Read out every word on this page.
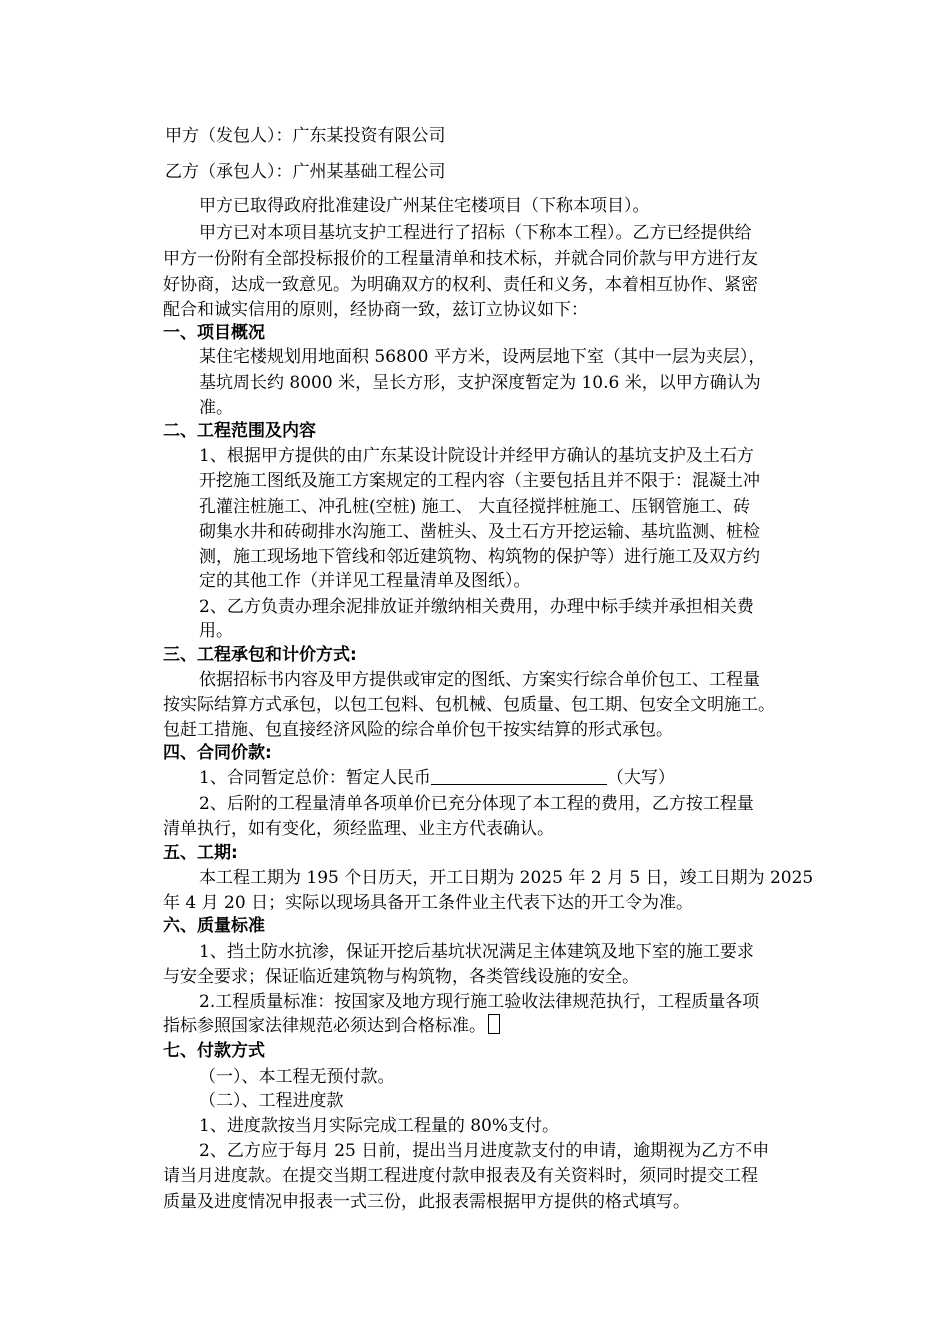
甲方（发包人）：广东某投资有限公司
乙方（承包人）：广州某基础工程公司
甲方已取得政府批准建设广州某住宅楼项目（下称本项目）。
甲方已对本项目基坑支护工程进行了招标（下称本工程）。乙方已经提供给
甲方一份附有全部投标报价的工程量清单和技术标，并就合同价款与甲方进行友
好协商，达成一致意见。为明确双方的权利、责任和义务，本着相互协作、紧密
配合和诚实信用的原则，经协商一致，兹订立协议如下：
一、项目概况
某住宅楼规划用地面积 56800 平方米，设两层地下室（其中一层为夹层），
基坑周长约 8000 米，呈长方形，支护深度暂定为 10.6 米，以甲方确认为
准。
二、工程范围及内容
1、根据甲方提供的由广东某设计院设计并经甲方确认的基坑支护及土石方
开挖施工图纸及施工方案规定的工程内容（主要包括且并不限于：混凝土冲
孔灌注桩施工、冲孔桩(空桩) 施工、 大直径搅拌桩施工、压钢管施工、砖
砌集水井和砖砌排水沟施工、凿桩头、及土石方开挖运输、基坑监测、桩检
测，施工现场地下管线和邻近建筑物、构筑物的保护等）进行施工及双方约
定的其他工作（并详见工程量清单及图纸）。
2、乙方负责办理余泥排放证并缴纳相关费用，办理中标手续并承担相关费
用。
三、工程承包和计价方式:
依据招标书内容及甲方提供或审定的图纸、方案实行综合单价包工、工程量
按实际结算方式承包，以包工包料、包机械、包质量、包工期、包安全文明施工。
包赶工措施、包直接经济风险的综合单价包干按实结算的形式承包。
四、合同价款:
1、合同暂定总价：暂定人民币	（大写）
2、后附的工程量清单各项单价已充分体现了本工程的费用，乙方按工程量
清单执行，如有变化，须经监理、业主方代表确认。
五、工期:
本工程工期为 195 个日历天，开工日期为 2025 年 2 月 5 日，竣工日期为 2025
年 4 月 20 日；实际以现场具备开工条件业主代表下达的开工令为准。
六、质量标准
1、挡土防水抗渗，保证开挖后基坑状况满足主体建筑及地下室的施工要求
与安全要求；保证临近建筑物与构筑物，各类管线设施的安全。
2.工程质量标准：按国家及地方现行施工验收法律规范执行，工程质量各项
指标参照国家法律规范必须达到合格标准。
七、付款方式
（一）、本工程无预付款。
（二）、工程进度款
1、进度款按当月实际完成工程量的 80%支付。
2、乙方应于每月 25 日前，提出当月进度款支付的申请，逾期视为乙方不申
请当月进度款。在提交当期工程进度付款申报表及有关资料时，须同时提交工程
质量及进度情况申报表一式三份，此报表需根据甲方提供的格式填写。
